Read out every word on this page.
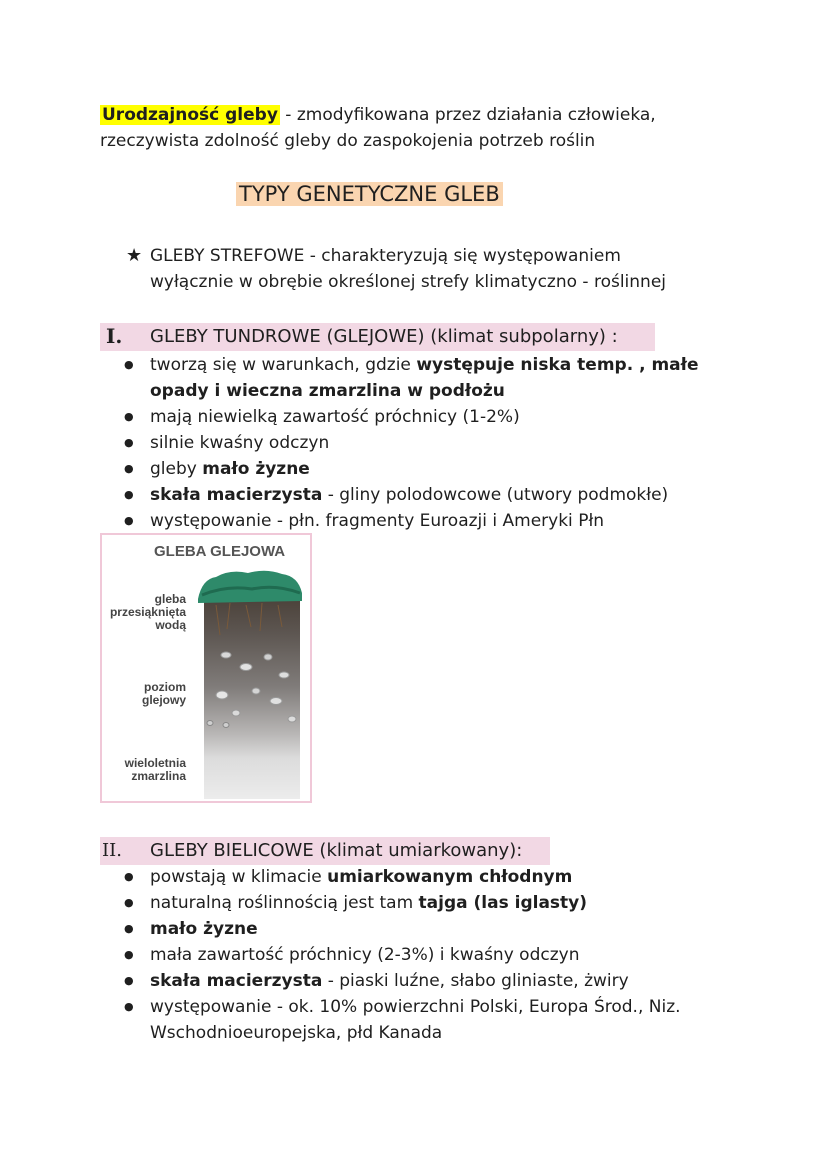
Urodzajność gleby - zmodyfikowana przez działania człowieka,
rzeczywista zdolność gleby do zaspokojenia potrzeb roślin
TYPY GENETYCZNE GLEB
★ GLEBY STREFOWE - charakteryzują się występowaniem
wyłącznie w obrębie określonej strefy klimatyczno - roślinnej
I. GLEBY TUNDROWE (GLEJOWE) (klimat subpolarny) :
● tworzą się w warunkach, gdzie występuje niska temp. , małe
opady i wieczna zmarzlina w podłożu
● mają niewielką zawartość próchnicy (1-2%)
● silnie kwaśny odczyn
● gleby mało żyzne
● skała macierzysta - gliny polodowcowe (utwory podmokłe)
● występowanie - płn. fragmenty Euroazji i Ameryki Płn
GLEBA GLEJOWA
gleba
przesiąknięta
wodą
poziom
glejowy
wieloletnia
zmarzlina
II. GLEBY BIELICOWE (klimat umiarkowany):
● powstają w klimacie umiarkowanym chłodnym
● naturalną roślinnością jest tam tajga (las iglasty)
● mało żyzne
● mała zawartość próchnicy (2-3%) i kwaśny odczyn
● skała macierzysta - piaski luźne, słabo gliniaste, żwiry
● występowanie - ok. 10% powierzchni Polski, Europa Środ., Niz.
Wschodnioeuropejska, płd Kanada
